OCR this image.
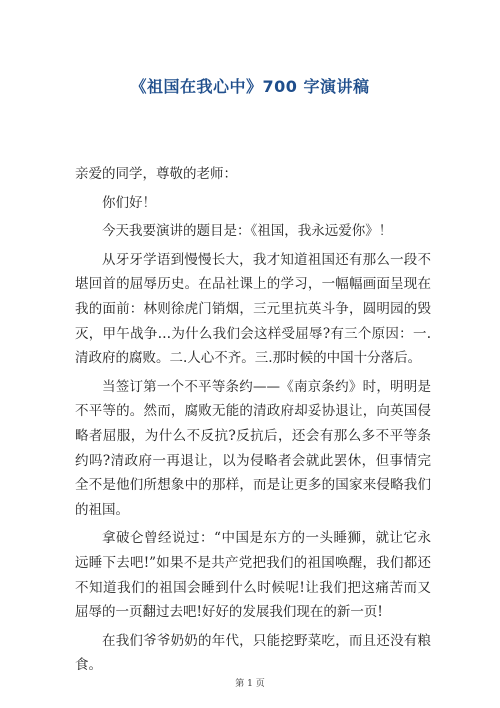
《祖国在我心中》700 字演讲稿

亲爱的同学，尊敬的老师：

你们好！

今天我要演讲的题目是：《祖国，我永远爱你》！

从牙牙学语到慢慢长大，我才知道祖国还有那么一段不堪回首的屈辱历史。在品社课上的学习，一幅幅画面呈现在我的面前：林则徐虎门销烟，三元里抗英斗争，圆明园的毁灭，甲午战争…为什么我们会这样受屈辱?有三个原因：一.清政府的腐败。二.人心不齐。三.那时候的中国十分落后。

当签订第一个不平等条约——《南京条约》时，明明是不平等的。然而，腐败无能的清政府却妥协退让，向英国侵略者屈服，为什么不反抗?反抗后，还会有那么多不平等条约吗?清政府一再退让，以为侵略者会就此罢休，但事情完全不是他们所想象中的那样，而是让更多的国家来侵略我们的祖国。

拿破仑曾经说过：“中国是东方的一头睡狮，就让它永远睡下去吧!”如果不是共产党把我们的祖国唤醒，我们都还不知道我们的祖国会睡到什么时候呢!让我们把这痛苦而又屈辱的一页翻过去吧!好好的发展我们现在的新一页!

在我们爷爷奶奶的年代，只能挖野菜吃，而且还没有粮食。

第 1 页
